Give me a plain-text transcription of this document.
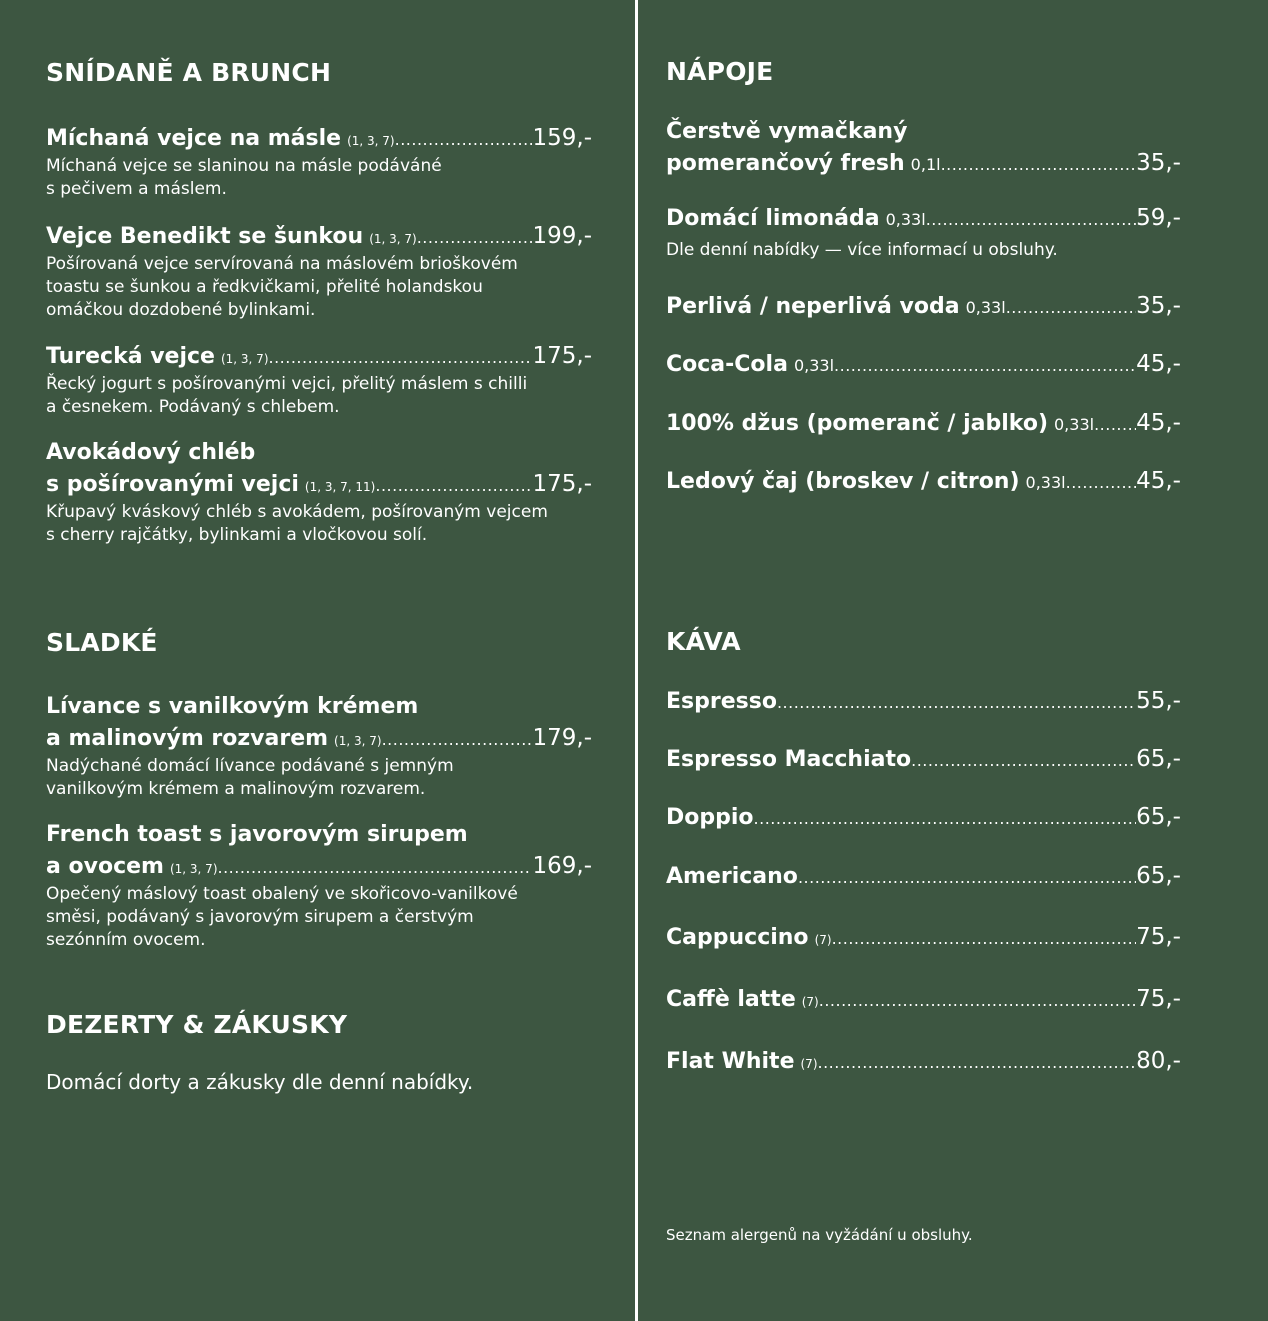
SNÍDANĚ A BRUNCH
Míchaná vejce na másle (1, 3, 7) .....	159,-
Míchaná vejce se slaninou na másle podáváné
s pečivem a máslem.
Vejce Benedikt se šunkou (1, 3, 7) .....	199,-
Pošírovaná vejce servírovaná na máslovém brioškovém
toastu se šunkou a ředkvičkami, přelité holandskou
omáčkou dozdobené bylinkami.
Turecká vejce (1, 3, 7) .....	175,-
Řecký jogurt s pošírovanými vejci, přelitý máslem s chilli
a česnekem. Podávaný s chlebem.
Avokádový chléb
s pošírovanými vejci (1, 3, 7, 11) .....	175,-
Křupavý kváskový chléb s avokádem, pošírovaným vejcem
s cherry rajčátky, bylinkami a vločkovou solí.
SLADKÉ
Lívance s vanilkovým krémem
a malinovým rozvarem (1, 3, 7) .....	179,-
Nadýchané domácí lívance podávané s jemným
vanilkovým krémem a malinovým rozvarem.
French toast s javorovým sirupem
a ovocem (1, 3, 7) .....	169,-
Opečený máslový toast obalený ve skořicovo-vanilkové
směsi, podávaný s javorovým sirupem a čerstvým
sezónním ovocem.
DEZERTY & ZÁKUSKY
Domácí dorty a zákusky dle denní nabídky.
NÁPOJE
Čerstvě vymačkaný
pomerančový fresh 0,1l .....	35,-
Domácí limonáda 0,33l .....	59,-
Dle denní nabídky — více informací u obsluhy.
Perlivá / neperlivá voda 0,33l .....	35,-
Coca-Cola 0,33l .....	45,-
100% džus (pomeranč / jablko) 0,33l ..... 45,-
Ledový čaj (broskev / citron) 0,33l .....	45,-
KÁVA
Espresso .....	55,-
Espresso Macchiato .....	65,-
Doppio .....	65,-
Americano .....	65,-
Cappuccino (7) .....	75,-
Caffè latte (7) .....	75,-
Flat White (7) .....	80,-
Seznam alergenů na vyžádání u obsluhy.
